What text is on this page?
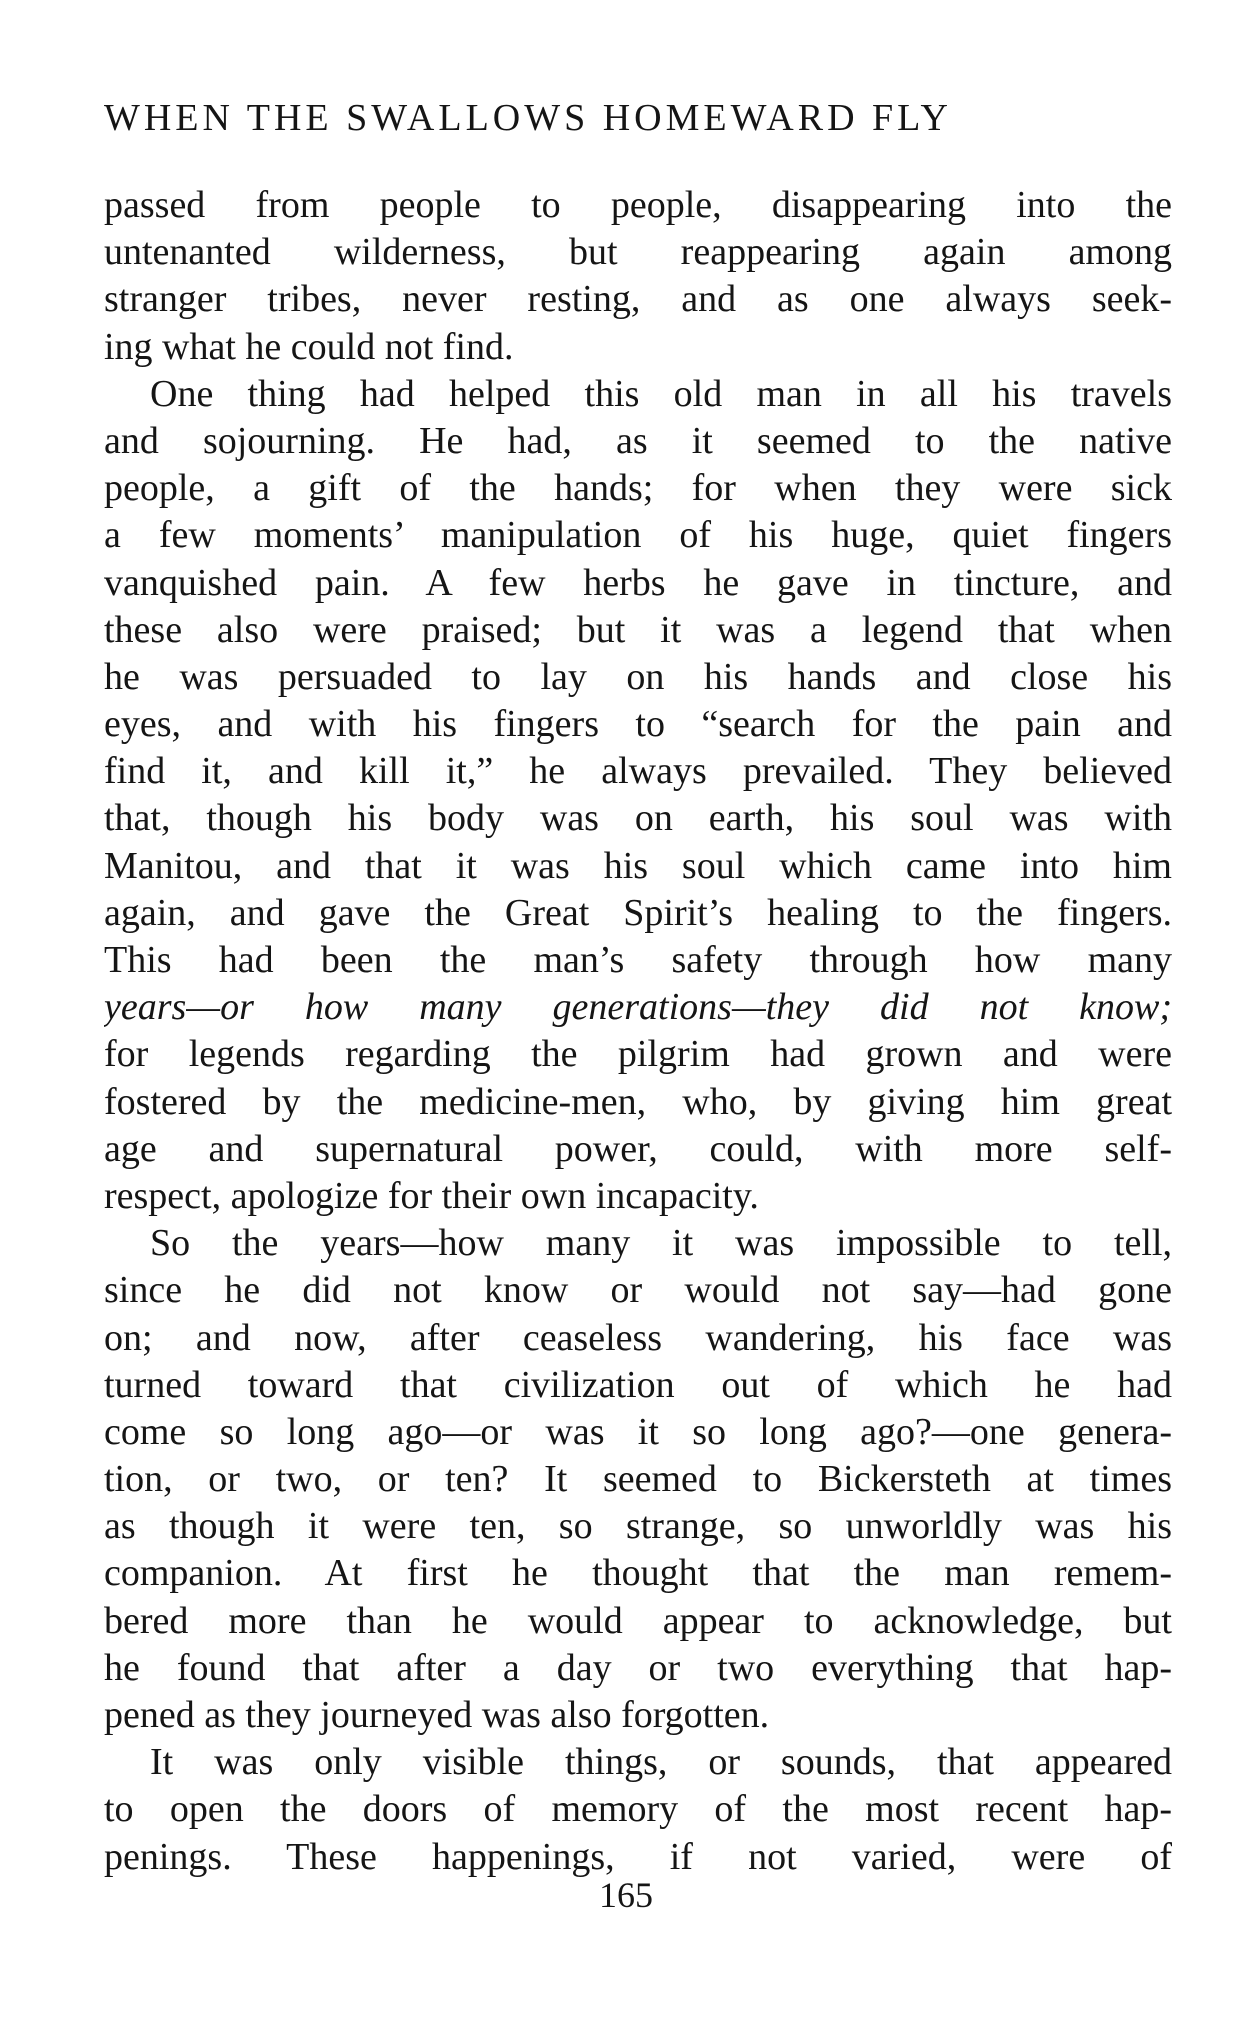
WHEN THE SWALLOWS HOMEWARD FLY
passed from people to people, disappearing into the
untenanted wilderness, but reappearing again among
stranger tribes, never resting, and as one always seek-
ing what he could not find.
One thing had helped this old man in all his travels
and sojourning. He had, as it seemed to the native
people, a gift of the hands; for when they were sick
a few moments’ manipulation of his huge, quiet fingers
vanquished pain. A few herbs he gave in tincture, and
these also were praised; but it was a legend that when
he was persuaded to lay on his hands and close his
eyes, and with his fingers to “search for the pain and
find it, and kill it,” he always prevailed. They believed
that, though his body was on earth, his soul was with
Manitou, and that it was his soul which came into him
again, and gave the Great Spirit’s healing to the fingers.
This had been the man’s safety through how many
years—or how many generations—they did not know;
for legends regarding the pilgrim had grown and were
fostered by the medicine-men, who, by giving him great
age and supernatural power, could, with more self-
respect, apologize for their own incapacity.
So the years—how many it was impossible to tell,
since he did not know or would not say—had gone
on; and now, after ceaseless wandering, his face was
turned toward that civilization out of which he had
come so long ago—or was it so long ago?—one genera-
tion, or two, or ten? It seemed to Bickersteth at times
as though it were ten, so strange, so unworldly was his
companion. At first he thought that the man remem-
bered more than he would appear to acknowledge, but
he found that after a day or two everything that hap-
pened as they journeyed was also forgotten.
It was only visible things, or sounds, that appeared
to open the doors of memory of the most recent hap-
penings. These happenings, if not varied, were of
165
